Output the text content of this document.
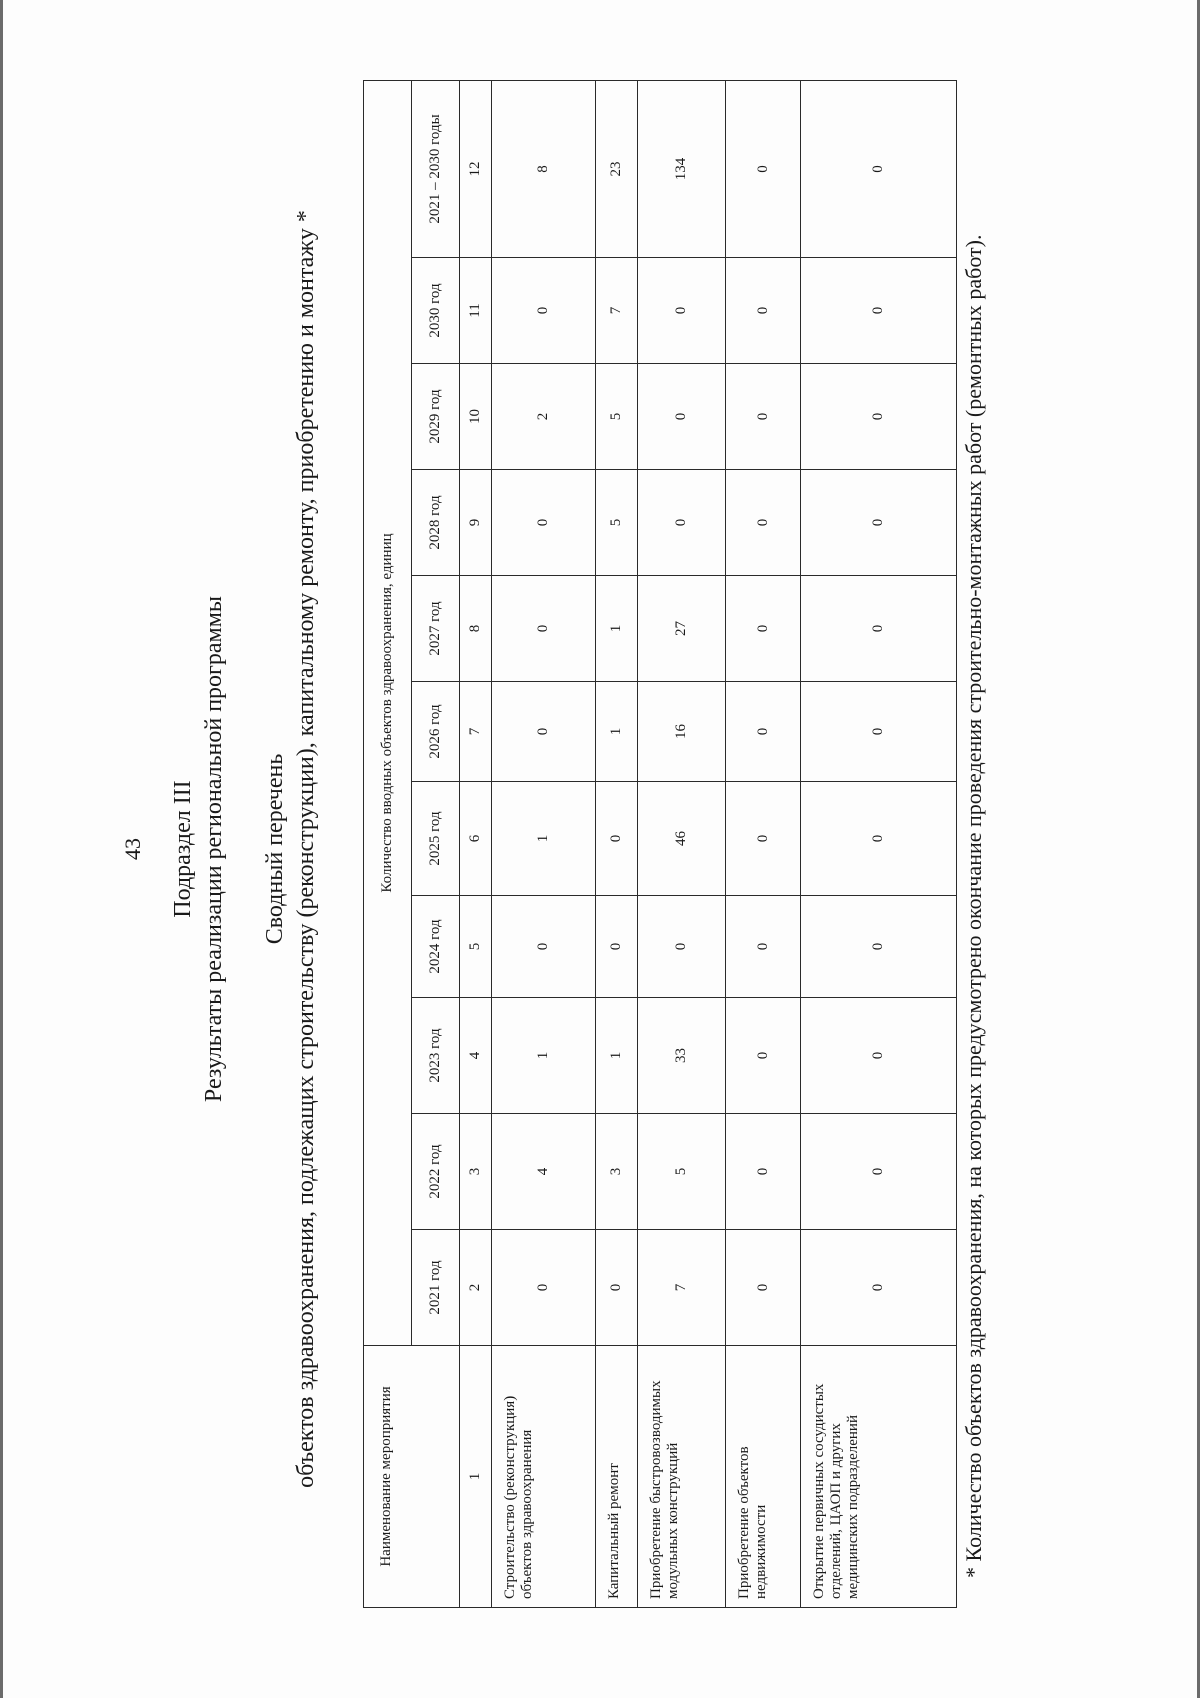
43 Подраздел III Результаты реализации региональной программы Сводный перечень объектов здравоохранения, подлежащих строительству (реконструкции), капитальному ремонту, приобретению и монтажу *	Наименование мероприятия	Количество вводных объектов здравоохранения, единиц										
	2021 год	2022 год	2023 год	2024 год	2025 год	2026 год	2027 год	2028 год	2029 год	2030 год	2021 – 2030 годы
1	2	3	4	5	6	7	8	9	10	11	12
Строительство (реконструкция) объектов здравоохранения	0	4	1	0	1	0	0	0	2	0	8
Капитальный ремонт	0	3	1	0	0	1	1	5	5	7	23
Приобретение быстровозводимых модульных конструкций	7	5	33	0	46	16	27	0	0	0	134
Приобретение объектов недвижимости	0	0	0	0	0	0	0	0	0	0	0
Открытие первичных сосудистых отделений, ЦАОП и других медицинских подразделений	0	0	0	0	0	0	0	0	0	0	0
* Количество объектов здравоохранения, на которых предусмотрено окончание проведения строительно-монтажных работ (ремонтных работ).
